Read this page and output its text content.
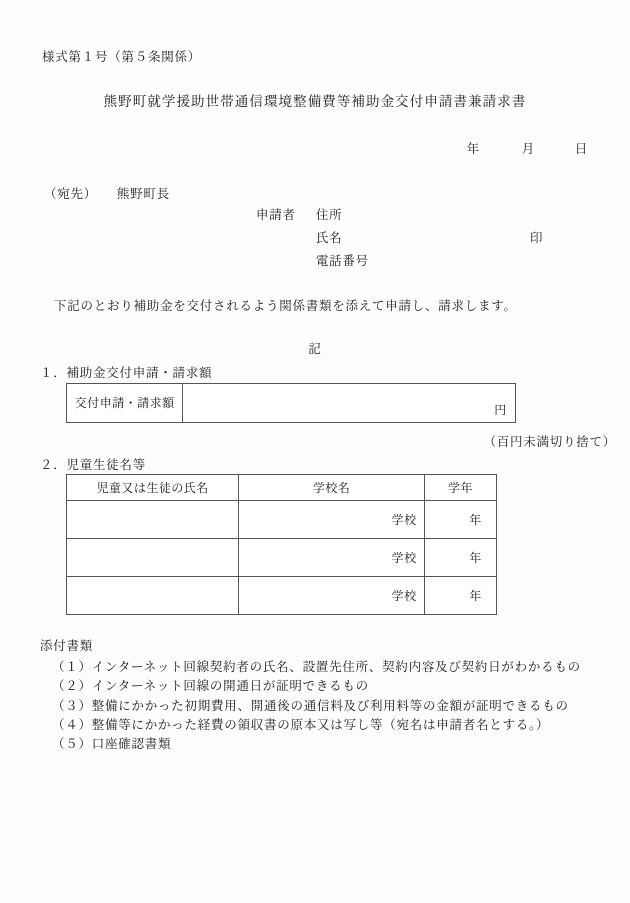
様式第１号（第５条関係）
熊野町就学援助世帯通信環境整備費等補助金交付申請書兼請求書
年	月	日
（宛先） 熊野町長
申請者 住所
氏名	印
電話番号
下記のとおり補助金を交付されるよう関係書類を添えて申請し、請求します。
記
１．補助金交付申請・請求額
交付申請・請求額	円
（百円未満切り捨て）
２．児童生徒名等
児童又は生徒の氏名	学校名	学年
	学校	年
	学校	年
	学校	年

添付書類

（１）インターネット回線契約者の氏名、設置先住所、契約内容及び契約日がわかるもの
（２）インターネット回線の開通日が証明できるもの
（３）整備にかかった初期費用、開通後の通信料及び利用料等の金額が証明できるもの
（４）整備等にかかった経費の領収書の原本又は写し等（宛名は申請者名とする。）
（５）口座確認書類
